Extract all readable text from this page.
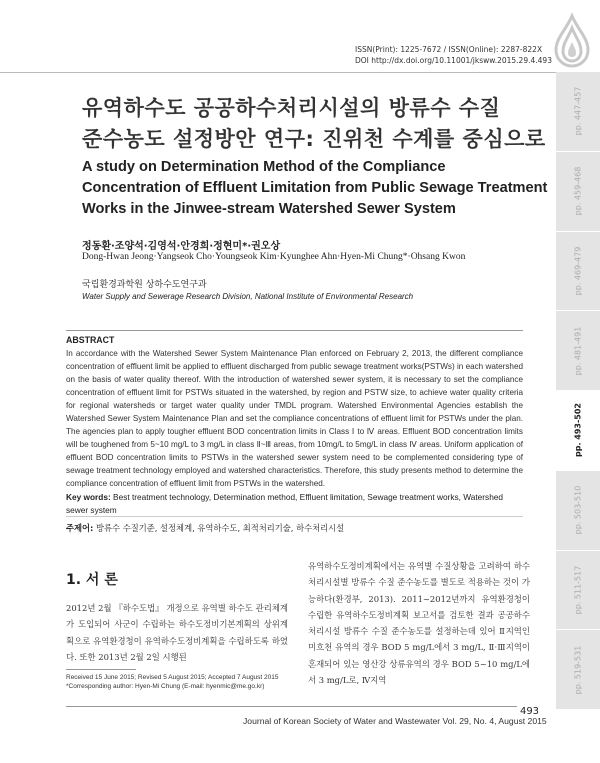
ISSN(Print): 1225-7672 / ISSN(Online): 2287-822X
DOI http://dx.doi.org/10.11001/jksww.2015.29.4.493
pp. 447-457
pp. 459-468
pp. 469-479
pp. 481-491
pp. 493-502
pp. 503-510
pp. 511-517
pp. 519-531
유역하수도 공공하수처리시설의 방류수 수질
준수농도 설정방안 연구: 진위천 수계를 중심으로
A study on Determination Method of the Compliance
Concentration of Effluent Limitation from Public Sewage Treatment
Works in the Jinwee-stream Watershed Sewer System
정동환·조양석·김영석·안경희·정현미*·권오상
Dong-Hwan Jeong·Yangseok Cho·Youngseok Kim·Kyunghee Ahn·Hyen-Mi Chung*·Ohsang Kwon
국립환경과학원 상하수도연구과
Water Supply and Sewerage Research Division, National Institute of Environmental Research
ABSTRACT
In accordance with the Watershed Sewer System Maintenance Plan enforced on February 2, 2013, the different compliance concentration of effluent limit be applied to effluent discharged from public sewage treatment works(PSTWs) in each watershed on the basis of water quality thereof. With the introduction of watershed sewer system, it is necessary to set the compliance concentration of effluent limit for PSTWs situated in the watershed, by region and PSTW size, to achieve water quality criteria for regional watersheds or target water quality under TMDL program. Watershed Environmental Agencies establish the Watershed Sewer System Maintenance Plan and set the compliance concentrations of effluent limit for PSTWs under the plan. The agencies plan to apply tougher effluent BOD concentration limits in Class Ⅰ to Ⅳ areas. Effluent BOD concentration limits will be toughened from 5~10 mg/L to 3 mg/L in class Ⅱ~Ⅲ areas, from 10mg/L to 5mg/L in class Ⅳ areas. Uniform application of effluent BOD concentration limits to PSTWs in the watershed sewer system need to be complemented considering type of sewage treatment technology employed and watershed characteristics. Therefore, this study presents method to determine the compliance concentration of effluent limit from PSTWs in the watershed.
Key words: Best treatment technology, Determination method, Effluent limitation, Sewage treatment works, Watershed sewer system
주제어: 방류수 수질기준, 설정체계, 유역하수도, 최적처리기술, 하수처리시설
1. 서 론
2012년 2월 『하수도법』 개정으로 유역별 하수도 관리체계가 도입되어 사군이 수립하는 하수도정비기본계획의 상위계획으로 유역환경청이 유역하수도정비계획을 수립하도록 하였다. 또한 2013년 2월 2일 시행된
유역하수도정비계획에서는 유역별 수질상황을 고려하여 하수처리시설별 방류수 수질 준수농도를 별도로 적용하는 것이 가능하다(환경부, 2013). 2011~2012년까지 유역환경청이 수립한 유역하수도정비계획 보고서를 검토한 결과 공공하수처리시설 방류수 수질 준수농도를 설정하는데 있어 Ⅱ지역인 미흐천 유역의 경우 BOD 5 mg/L에서 3 mg/L, Ⅱ·Ⅲ지역이 혼재되어 있는 영산강 상류유역의 경우 BOD 5~10 mg/L에서 3 mg/L로, Ⅳ지역
Received 15 June 2015; Revised 5 August 2015; Accepted 7 August 2015
*Corresponding author: Hyen-Mi Chung (E-mail: hyenmic@me.go.kr)
493
Journal of Korean Society of Water and Wastewater Vol. 29, No. 4, August 2015
